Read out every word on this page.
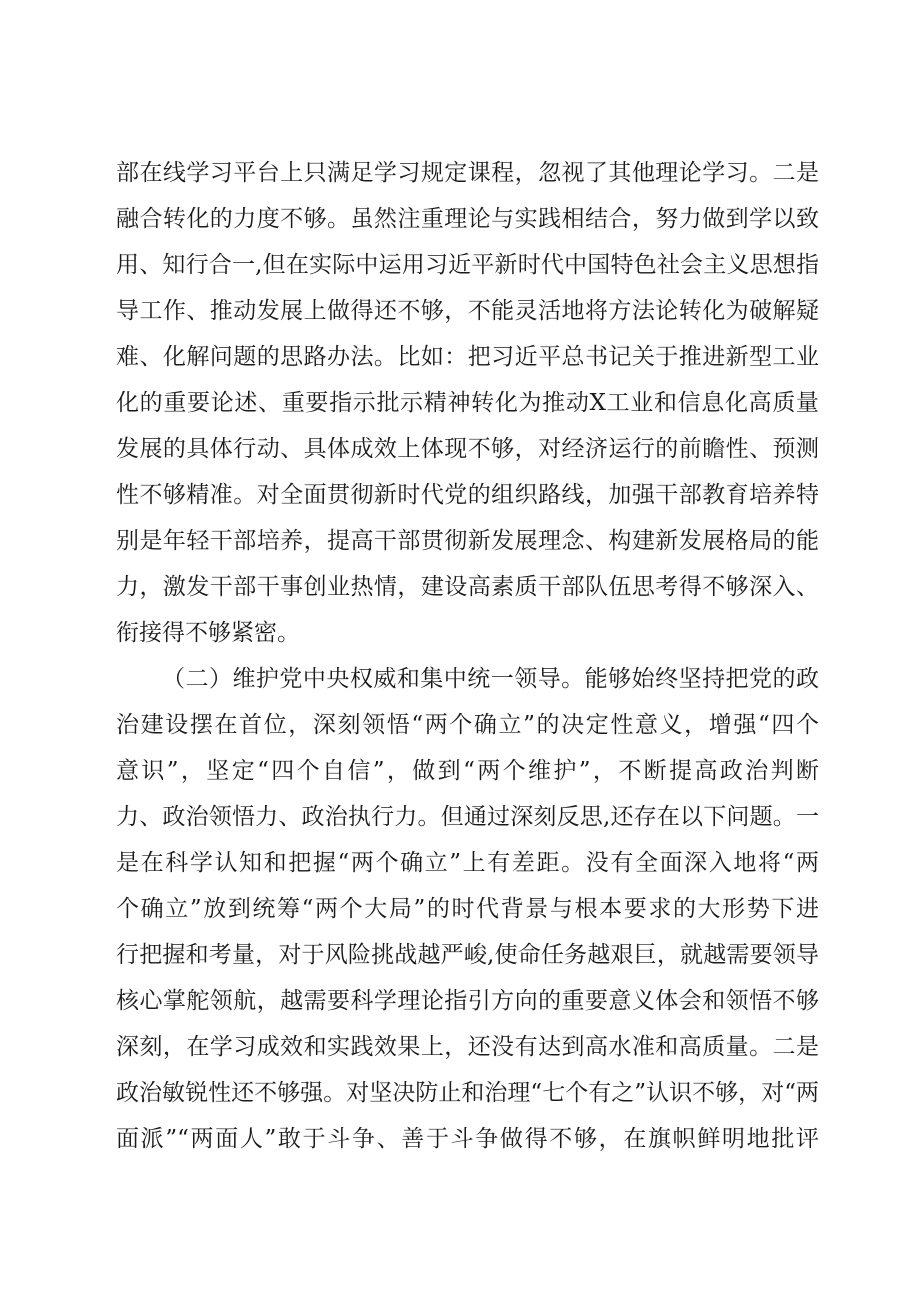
部在线学习平台上只满足学习规定课程，忽视了其他理论学习。二是
融合转化的力度不够。虽然注重理论与实践相结合，努力做到学以致
用、知行合一,但在实际中运用习近平新时代中国特色社会主义思想指
导工作、推动发展上做得还不够，不能灵活地将方法论转化为破解疑
难、化解问题的思路办法。比如：把习近平总书记关于推进新型工业
化的重要论述、重要指示批示精神转化为推动X工业和信息化高质量
发展的具体行动、具体成效上体现不够，对经济运行的前瞻性、预测
性不够精准。对全面贯彻新时代党的组织路线，加强干部教育培养特
别是年轻干部培养，提高干部贯彻新发展理念、构建新发展格局的能
力，激发干部干事创业热情，建设高素质干部队伍思考得不够深入、
衔接得不够紧密。
（二）维护党中央权威和集中统一领导。能够始终坚持把党的政
治建设摆在首位，深刻领悟“两个确立”的决定性意义，增强“四个
意识”，坚定“四个自信”，做到“两个维护”，不断提高政治判断
力、政治领悟力、政治执行力。但通过深刻反思,还存在以下问题。一
是在科学认知和把握“两个确立”上有差距。没有全面深入地将“两
个确立”放到统筹“两个大局”的时代背景与根本要求的大形势下进
行把握和考量，对于风险挑战越严峻,使命任务越艰巨，就越需要领导
核心掌舵领航，越需要科学理论指引方向的重要意义体会和领悟不够
深刻，在学习成效和实践效果上，还没有达到高水准和高质量。二是
政治敏锐性还不够强。对坚决防止和治理“七个有之”认识不够，对“两
面派”“两面人”敢于斗争、善于斗争做得不够，在旗帜鲜明地批评
